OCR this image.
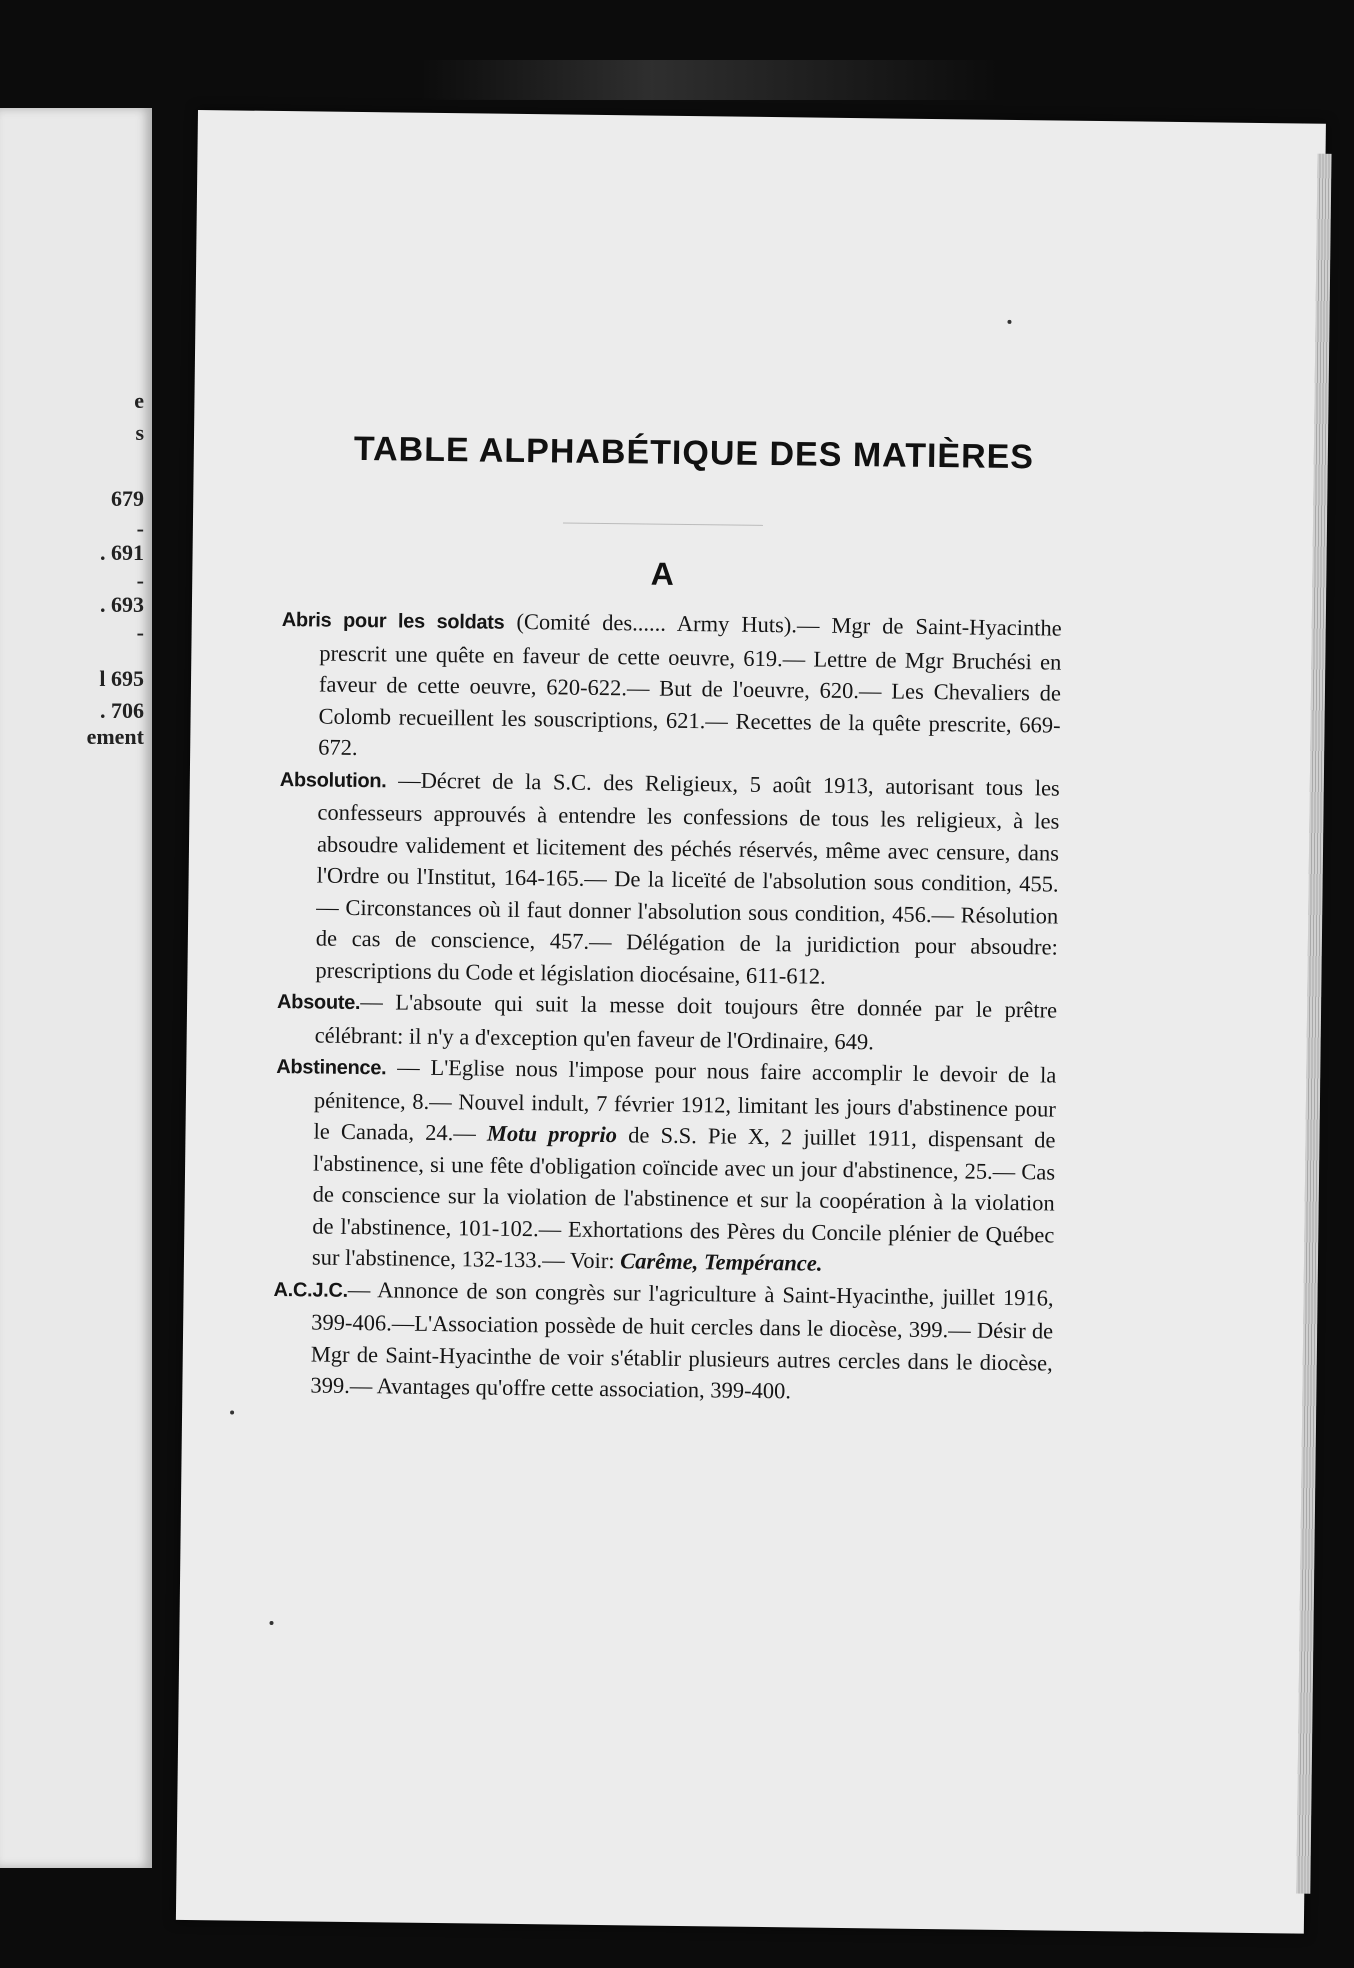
e
s
679
-
. 691
-
. 693
-
l 695
. 706
ement
TABLE ALPHABÉTIQUE DES MATIÈRES
A

Abris pour les soldats (Comité des...... Army Huts).— Mgr de Saint-Hyacinthe prescrit une quête en faveur de cette oeuvre, 619.— Lettre de Mgr Bruchési en faveur de cette oeuvre, 620-622.— But de l'oeuvre, 620.— Les Chevaliers de Colomb recueillent les souscriptions, 621.— Recettes de la quête prescrite, 669-672.

Absolution. —Décret de la S.C. des Religieux, 5 août 1913, autorisant tous les confesseurs approuvés à entendre les confessions de tous les religieux, à les absoudre validement et licitement des péchés réservés, même avec censure, dans l'Ordre ou l'Institut, 164-165.— De la liceïté de l'absolution sous condition, 455.— Circonstances où il faut donner l'absolution sous condition, 456.— Résolution de cas de conscience, 457.— Délégation de la juridiction pour absoudre: prescriptions du Code et législation diocésaine, 611-612.

Absoute.— L'absoute qui suit la messe doit toujours être donnée par le prêtre célébrant: il n'y a d'exception qu'en faveur de l'Ordinaire, 649.

Abstinence. — L'Eglise nous l'impose pour nous faire accomplir le devoir de la pénitence, 8.— Nouvel indult, 7 février 1912, limitant les jours d'abstinence pour le Canada, 24.— Motu proprio de S.S. Pie X, 2 juillet 1911, dispensant de l'abstinence, si une fête d'obligation coïncide avec un jour d'abstinence, 25.— Cas de conscience sur la violation de l'abstinence et sur la coopération à la violation de l'abstinence, 101-102.— Exhortations des Pères du Concile plénier de Québec sur l'abstinence, 132-133.— Voir: Carême, Tempérance.

A.C.J.C.— Annonce de son congrès sur l'agriculture à Saint-Hyacinthe, juillet 1916, 399-406.—L'Association possède de huit cercles dans le diocèse, 399.— Désir de Mgr de Saint-Hyacinthe de voir s'établir plusieurs autres cercles dans le diocèse, 399.— Avantages qu'offre cette association, 399-400.
